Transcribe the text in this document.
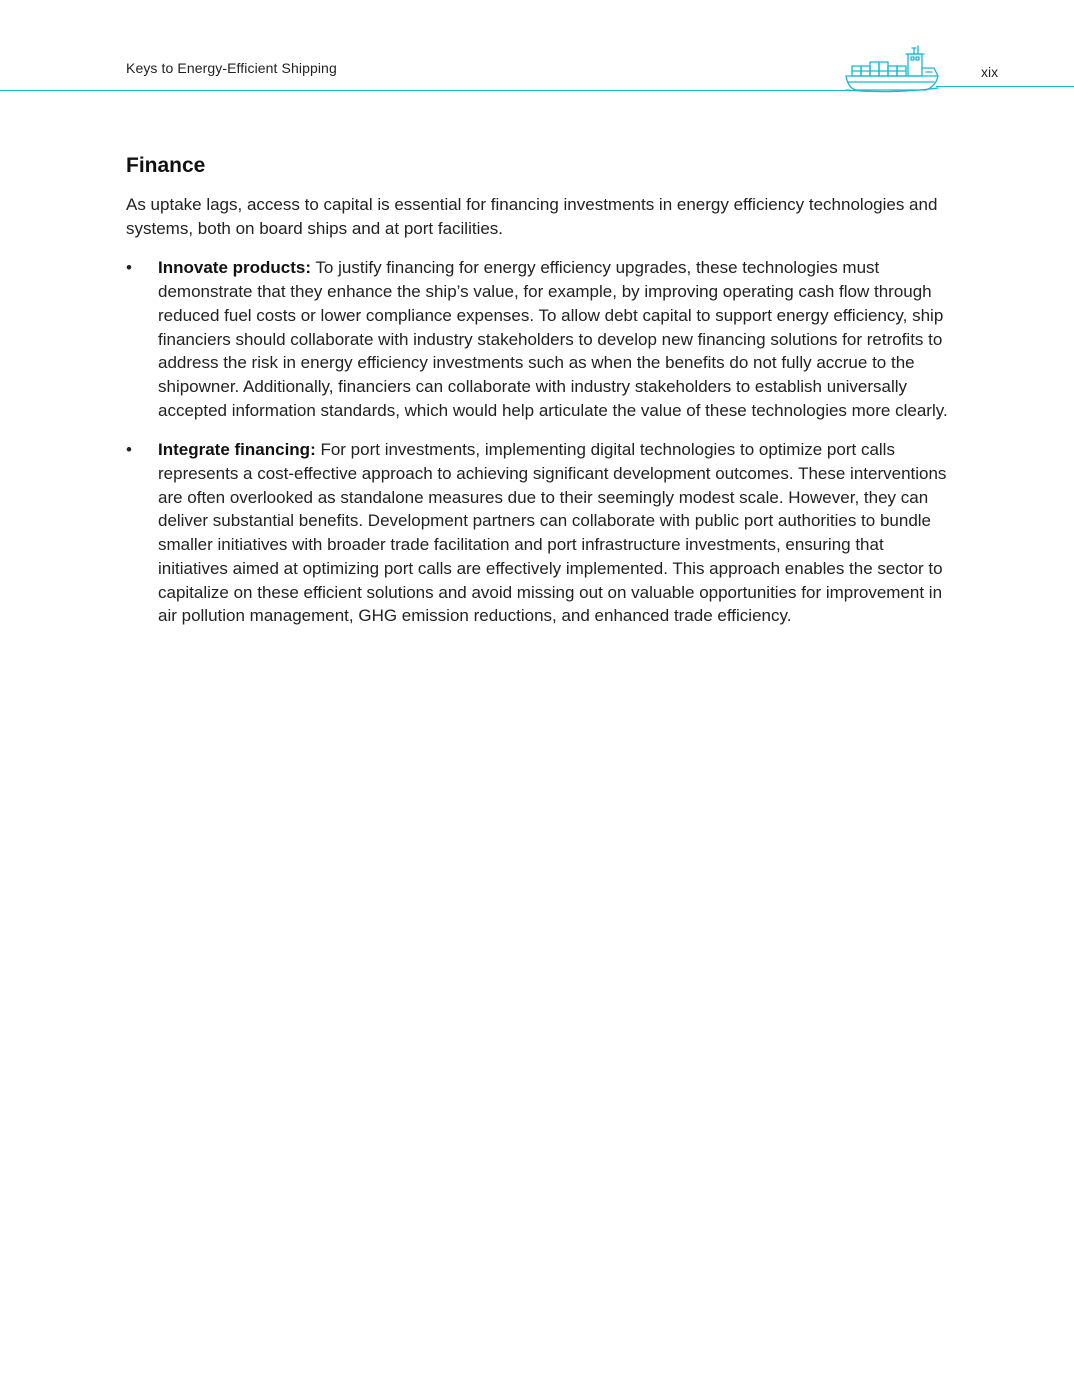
Keys to Energy-Efficient Shipping	xix
Finance

As uptake lags, access to capital is essential for financing investments in energy efficiency technologies and systems, both on board ships and at port facilities.

• Innovate products: To justify financing for energy efficiency upgrades, these technologies must demonstrate that they enhance the ship’s value, for example, by improving operating cash flow through reduced fuel costs or lower compliance expenses. To allow debt capital to support energy efficiency, ship financiers should collaborate with industry stakeholders to develop new financing solutions for retrofits to address the risk in energy efficiency investments such as when the benefits do not fully accrue to the shipowner. Additionally, financiers can collaborate with industry stakeholders to establish universally accepted information standards, which would help articulate the value of these technologies more clearly.
• Integrate financing: For port investments, implementing digital technologies to optimize port calls represents a cost-effective approach to achieving significant development outcomes. These interventions are often overlooked as standalone measures due to their seemingly modest scale. However, they can deliver substantial benefits. Development partners can collaborate with public port authorities to bundle smaller initiatives with broader trade facilitation and port infrastructure investments, ensuring that initiatives aimed at optimizing port calls are effectively implemented. This approach enables the sector to capitalize on these efficient solutions and avoid missing out on valuable opportunities for improvement in air pollution management, GHG emission reductions, and enhanced trade efficiency.
